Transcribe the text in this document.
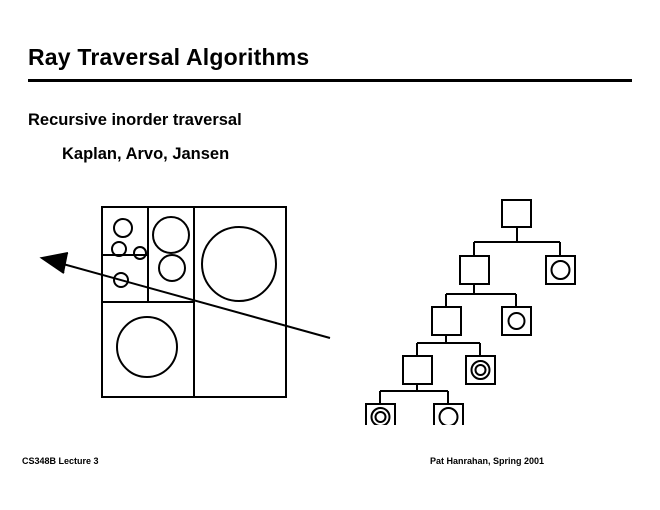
Ray Traversal Algorithms
Recursive inorder traversal
Kaplan, Arvo, Jansen
CS348B Lecture 3	Pat Hanrahan, Spring 2001
